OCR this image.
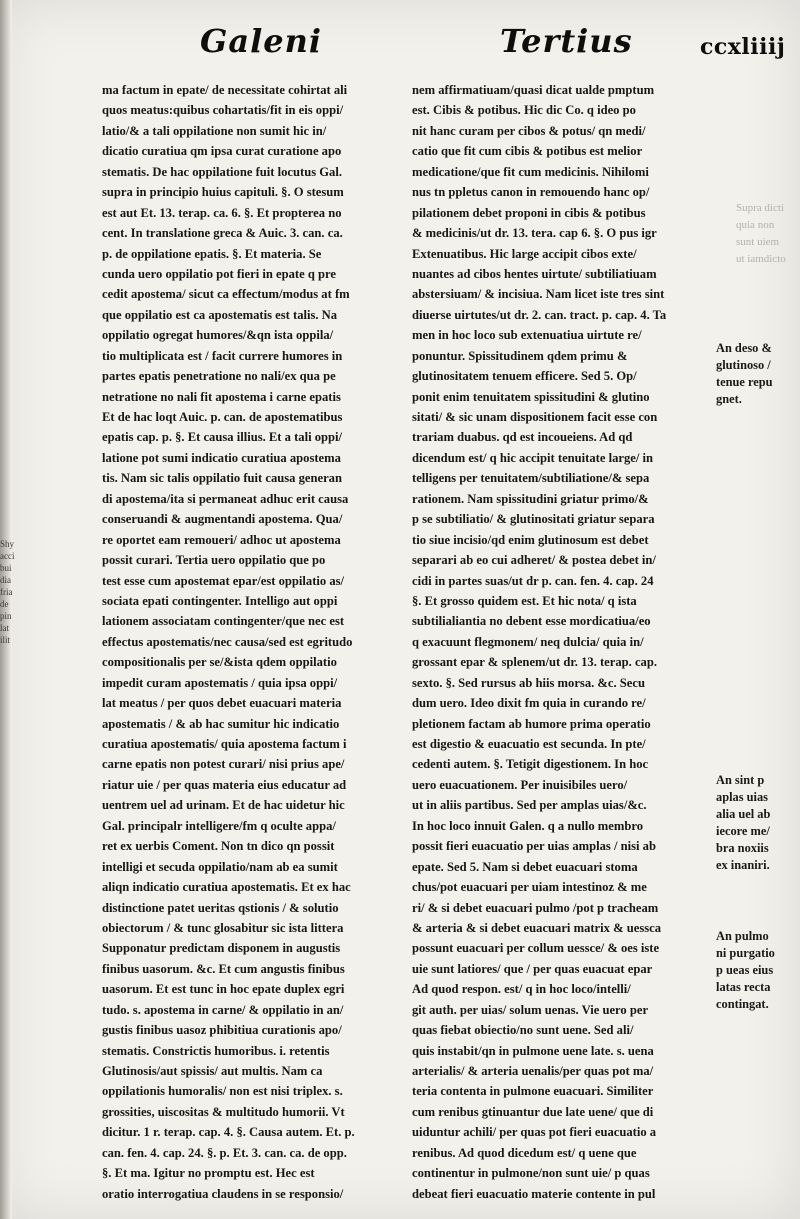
Galeni	Tertius	ccxliiij
ma factum in epate/ de necessitate cohirtat ali
quos meatus:quibus cohartatis/fit in eis oppi/
latio/& a tali oppilatione non sumit hic in/
dicatio curatiua qm ipsa curat curatione apo
stematis. De hac oppilatione fuit locutus Gal.
supra in principio huius capituli. §. O stesum
est aut Et. 13. terap. ca. 6. §. Et propterea no
cent. In translatione greca & Auic. 3. can. ca.
p. de oppilatione epatis. §. Et materia. Se
cunda uero oppilatio pot fieri in epate q pre
cedit apostema/ sicut ca effectum/modus at fm
que oppilatio est ca apostematis est talis. Na
oppilatio ogregat humores/&qn ista oppila/
tio multiplicata est / facit currere humores in
partes epatis penetratione no nali/ex qua pe
netratione no nali fit apostema i carne epatis
Et de hac loqt Auic. p. can. de apostematibus
epatis cap. p. §. Et causa illius. Et a tali oppi/
latione pot sumi indicatio curatiua apostema
tis. Nam sic talis oppilatio fuit causa generan
di apostema/ita si permaneat adhuc erit causa
conseruandi & augmentandi apostema. Qua/
re oportet eam remoueri/ adhoc ut apostema
possit curari. Tertia uero oppilatio que po
test esse cum apostemat epar/est oppilatio as/
sociata epati contingenter. Intelligo aut oppi
lationem associatam contingenter/que nec est
effectus apostematis/nec causa/sed est egritudo
compositionalis per se/&ista qdem oppilatio
impedit curam apostematis / quia ipsa oppi/
lat meatus / per quos debet euacuari materia
apostematis / & ab hac sumitur hic indicatio
curatiua apostematis/ quia apostema factum i
carne epatis non potest curari/ nisi prius ape/
riatur uie / per quas materia eius educatur ad
uentrem uel ad urinam. Et de hac uidetur hic
Gal. principalr intelligere/fm q oculte appa/
ret ex uerbis Coment. Non tn dico qn possit
intelligi et secuda oppilatio/nam ab ea sumit
aliqn indicatio curatiua apostematis. Et ex hac
distinctione patet ueritas qstionis / & solutio
obiectorum / & tunc glosabitur sic ista littera
Supponatur predictam disponem in augustis
finibus uasorum. &c. Et cum angustis finibus
uasorum. Et est tunc in hoc epate duplex egri
tudo. s. apostema in carne/ & oppilatio in an/
gustis finibus uasoz phibitiua curationis apo/
stematis. Constrictis humoribus. i. retentis
Glutinosis/aut spissis/ aut multis. Nam ca
oppilationis humoralis/ non est nisi triplex. s.
grossities, uiscositas & multitudo humorii. Vt
dicitur. 1 r. terap. cap. 4. §. Causa autem. Et. p.
can. fen. 4. cap. 24. §. p. Et. 3. can. ca. de opp.
§. Et ma. Igitur no promptu est. Hec est
oratio interrogatiua claudens in se responsio/
nem affirmatiuam/quasi dicat ualde pmptum
est. Cibis & potibus. Hic dic Co. q ideo po
nit hanc curam per cibos & potus/ qn medi/
catio que fit cum cibis & potibus est melior
medicatione/que fit cum medicinis. Nihilomi
nus tn ppletus canon in remouendo hanc op/
pilationem debet proponi in cibis & potibus
& medicinis/ut dr. 13. tera. cap 6. §. O pus igr
Extenuatibus. Hic large accipit cibos exte/
nuantes ad cibos hentes uirtute/ subtiliatiuam
abstersiuam/ & incisiua. Nam licet iste tres sint
diuerse uirtutes/ut dr. 2. can. tract. p. cap. 4. Ta
men in hoc loco sub extenuatiua uirtute re/
ponuntur. Spissitudinem qdem primu &
glutinositatem tenuem efficere. Sed 5. Op/
ponit enim tenuitatem spissitudini & glutino
sitati/ & sic unam dispositionem facit esse con
trariam duabus. qd est incoueiens. Ad qd
dicendum est/ q hic accipit tenuitate large/ in
telligens per tenuitatem/subtiliatione/& sepa
rationem. Nam spissitudini griatur primo/&
p se subtiliatio/ & glutinositati griatur separa
tio siue incisio/qd enim glutinosum est debet
separari ab eo cui adheret/ & postea debet in/
cidi in partes suas/ut dr p. can. fen. 4. cap. 24
§. Et grosso quidem est. Et hic nota/ q ista
subtilialiantia no debent esse mordicatiua/eo
q exacuunt flegmonem/ neq dulcia/ quia in/
grossant epar & splenem/ut dr. 13. terap. cap.
sexto. §. Sed rursus ab hiis morsa. &c. Secu
dum uero. Ideo dixit fm quia in curando re/
pletionem factam ab humore prima operatio
est digestio & euacuatio est secunda. In pte/
cedenti autem. §. Tetigit digestionem. In hoc
uero euacuationem. Per inuisibiles uero/
ut in aliis partibus. Sed per amplas uias/&c.
In hoc loco innuit Galen. q a nullo membro
possit fieri euacuatio per uias amplas / nisi ab
epate. Sed 5. Nam si debet euacuari stoma
chus/pot euacuari per uiam intestinoz & me
ri/ & si debet euacuari pulmo /pot p tracheam
& arteria & si debet euacuari matrix & uessca
possunt euacuari per collum uessce/ & oes iste
uie sunt latiores/ que / per quas euacuat epar
Ad quod respon. est/ q in hoc loco/intelli/
git auth. per uias/ solum uenas. Vie uero per
quas fiebat obiectio/no sunt uene. Sed ali/
quis instabit/qn in pulmone uene late. s. uena
arterialis/ & arteria uenalis/per quas pot ma/
teria contenta in pulmone euacuari. Similiter
cum renibus gtinuantur due late uene/ que di
uiduntur achili/ per quas pot fieri euacuatio a
renibus. Ad quod dicedum est/ q uene que
continentur in pulmone/non sunt uie/ p quas
debeat fieri euacuatio materie contente in pul
An deso &
glutinoso /
tenue repu
gnet.
An sint p
aplas uias
alia uel ab
iecore me/
bra noxiis
ex inaniri.
An pulmo
ni purgatio
p ueas eius
latas recta
contingat.
Supra dicti
quia non
sunt uiem
ut iamdicto
Shy
acci
bui
dia
fria
de
pin
lat
ilit
